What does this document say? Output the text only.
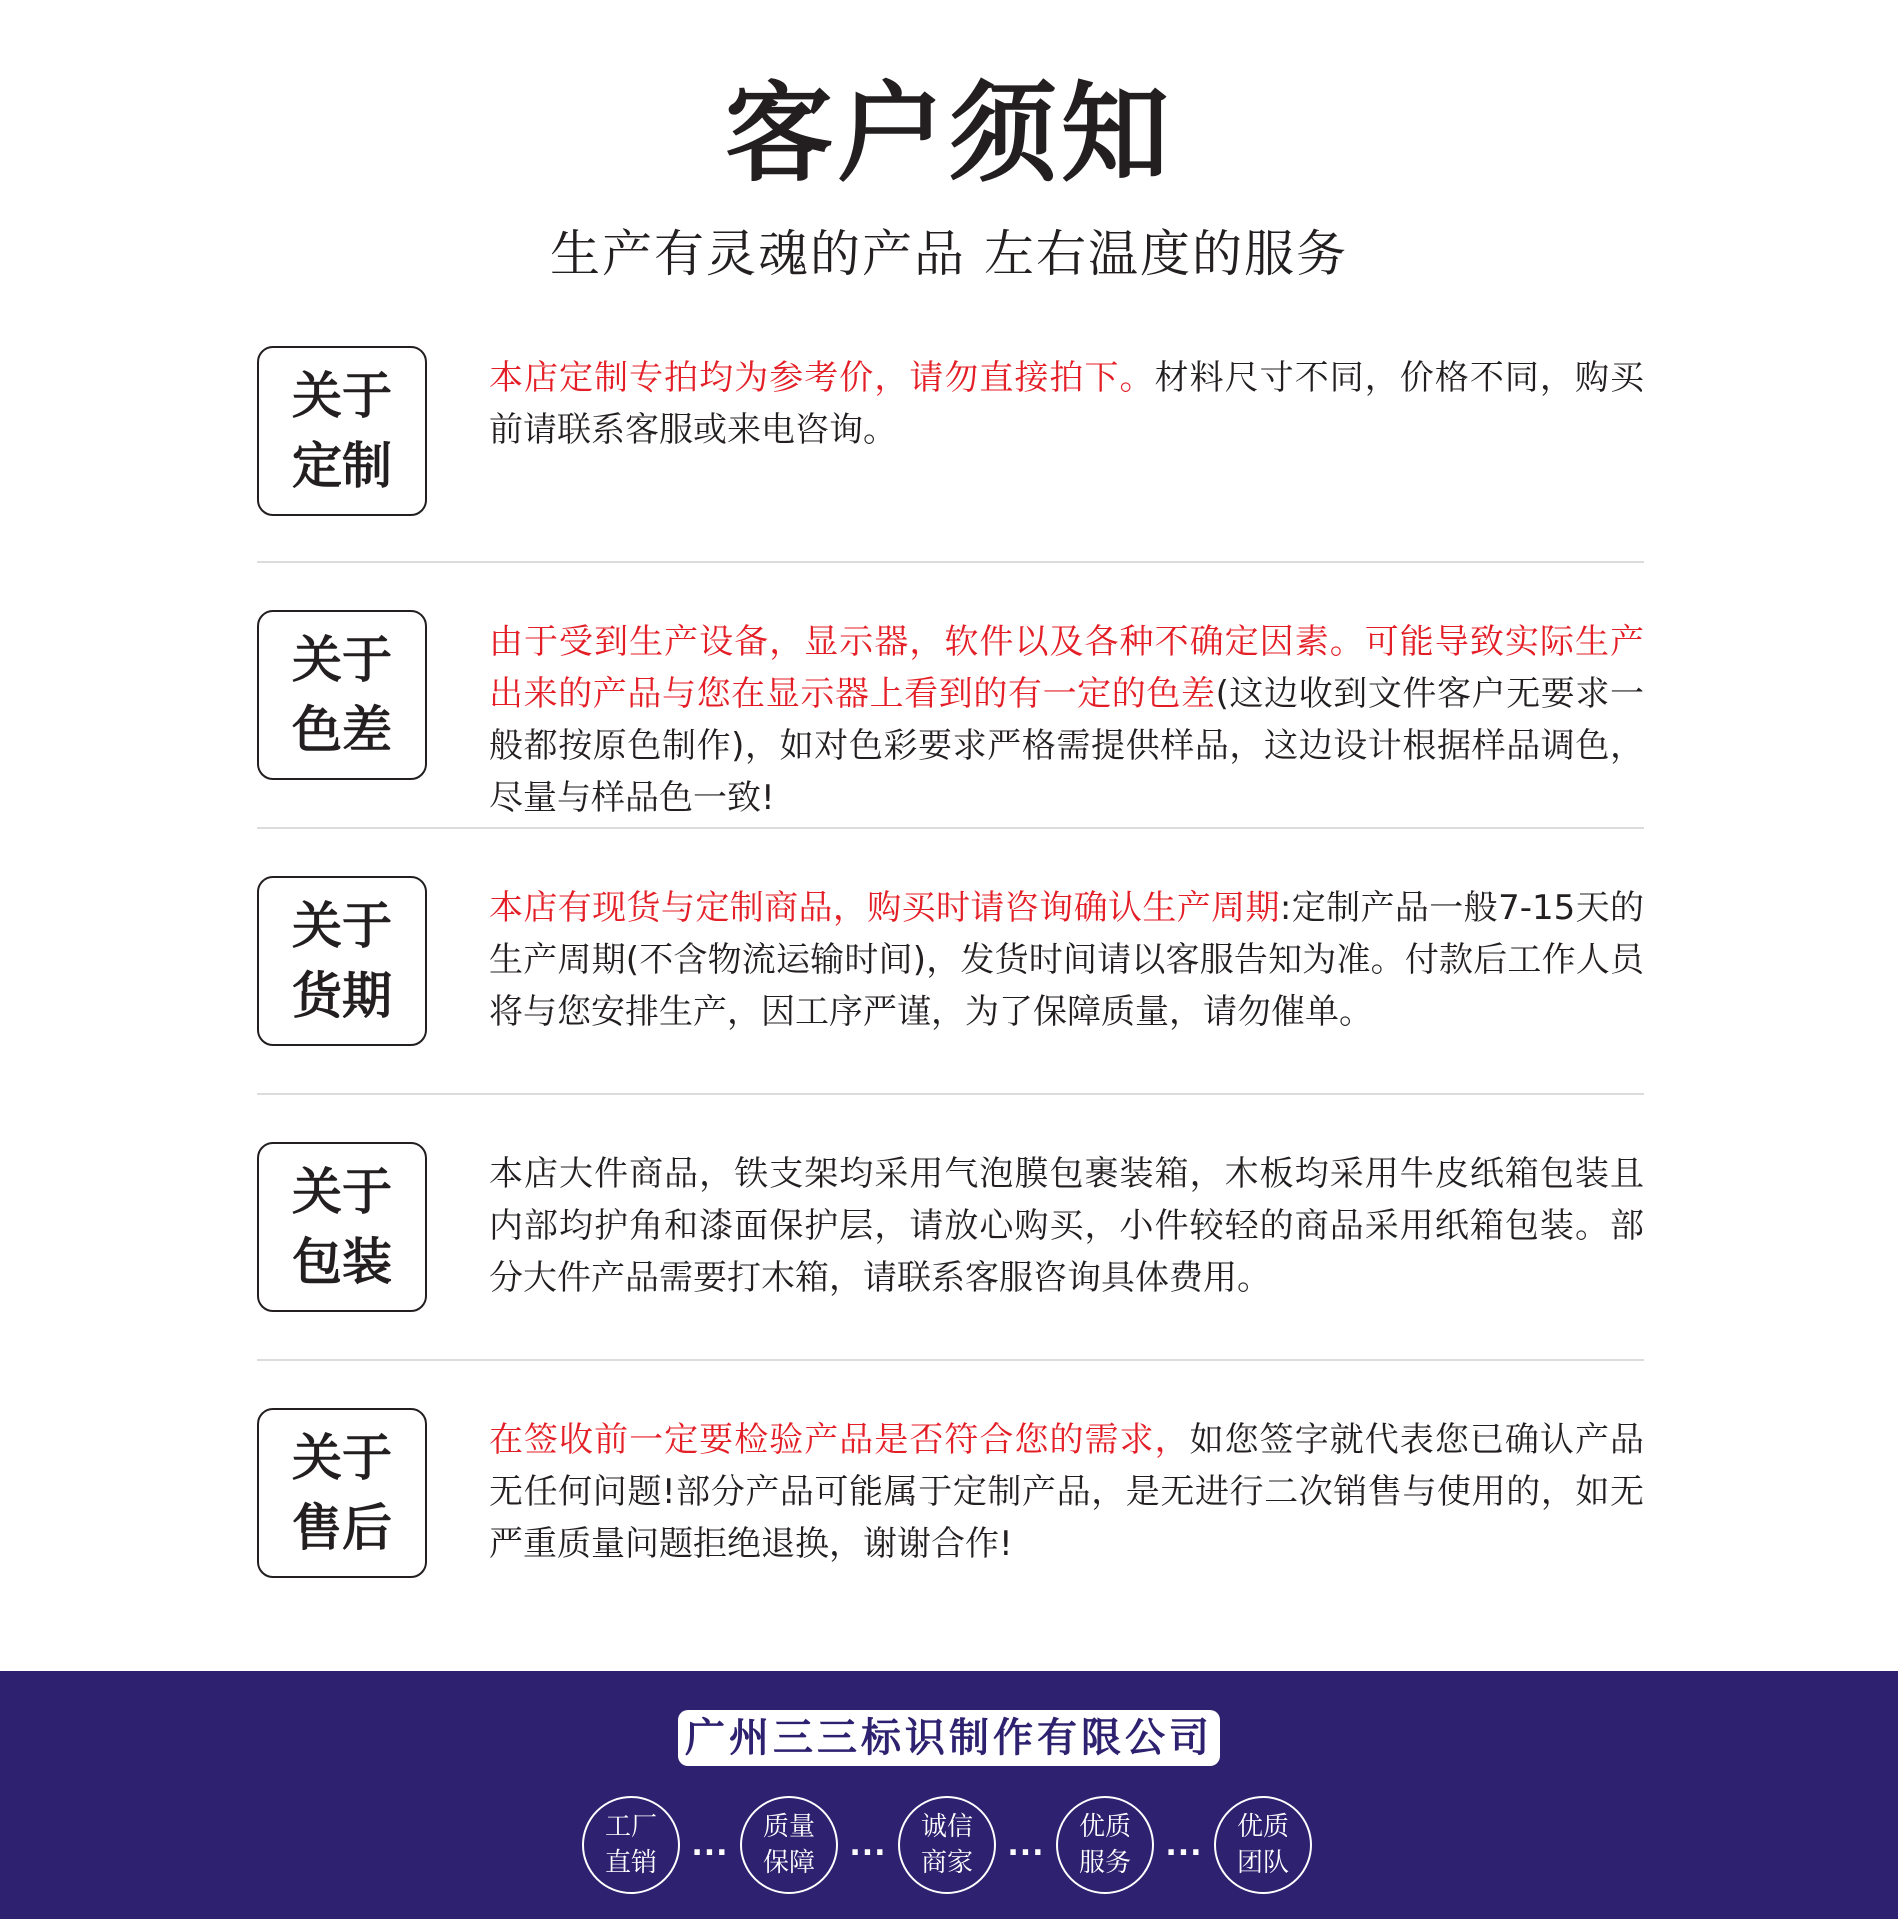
客户须知
生产有灵魂的产品 左右温度的服务
关于
定制

本店定制专拍均为参考价，请勿直接拍下。材料尺寸不同，价格不同，购买前请联系客服或来电咨询。

关于
色差

由于受到生产设备，显示器，软件以及各种不确定因素。可能导致实际生产出来的产品与您在显示器上看到的有一定的色差(这边收到文件客户无要求一般都按原色制作)，如对色彩要求严格需提供样品，这边设计根据样品调色，尽量与样品色一致!

关于
货期

本店有现货与定制商品，购买时请咨询确认生产周期:定制产品一般7-15天的生产周期(不含物流运输时间)，发货时间请以客服告知为准。付款后工作人员将与您安排生产，因工序严谨，为了保障质量，请勿催单。

关于
包装

本店大件商品，铁支架均采用气泡膜包裹装箱，木板均采用牛皮纸箱包装且内部均护角和漆面保护层，请放心购买，小件较轻的商品采用纸箱包装。部分大件产品需要打木箱，请联系客服咨询具体费用。

关于
售后

在签收前一定要检验产品是否符合您的需求，如您签字就代表您已确认产品无任何问题!部分产品可能属于定制产品，是无进行二次销售与使用的，如无严重质量问题拒绝退换，谢谢合作!

广州三三标识制作有限公司
工厂
直销
...
质量
保障
...
诚信
商家
...
优质
服务
...
优质
团队
